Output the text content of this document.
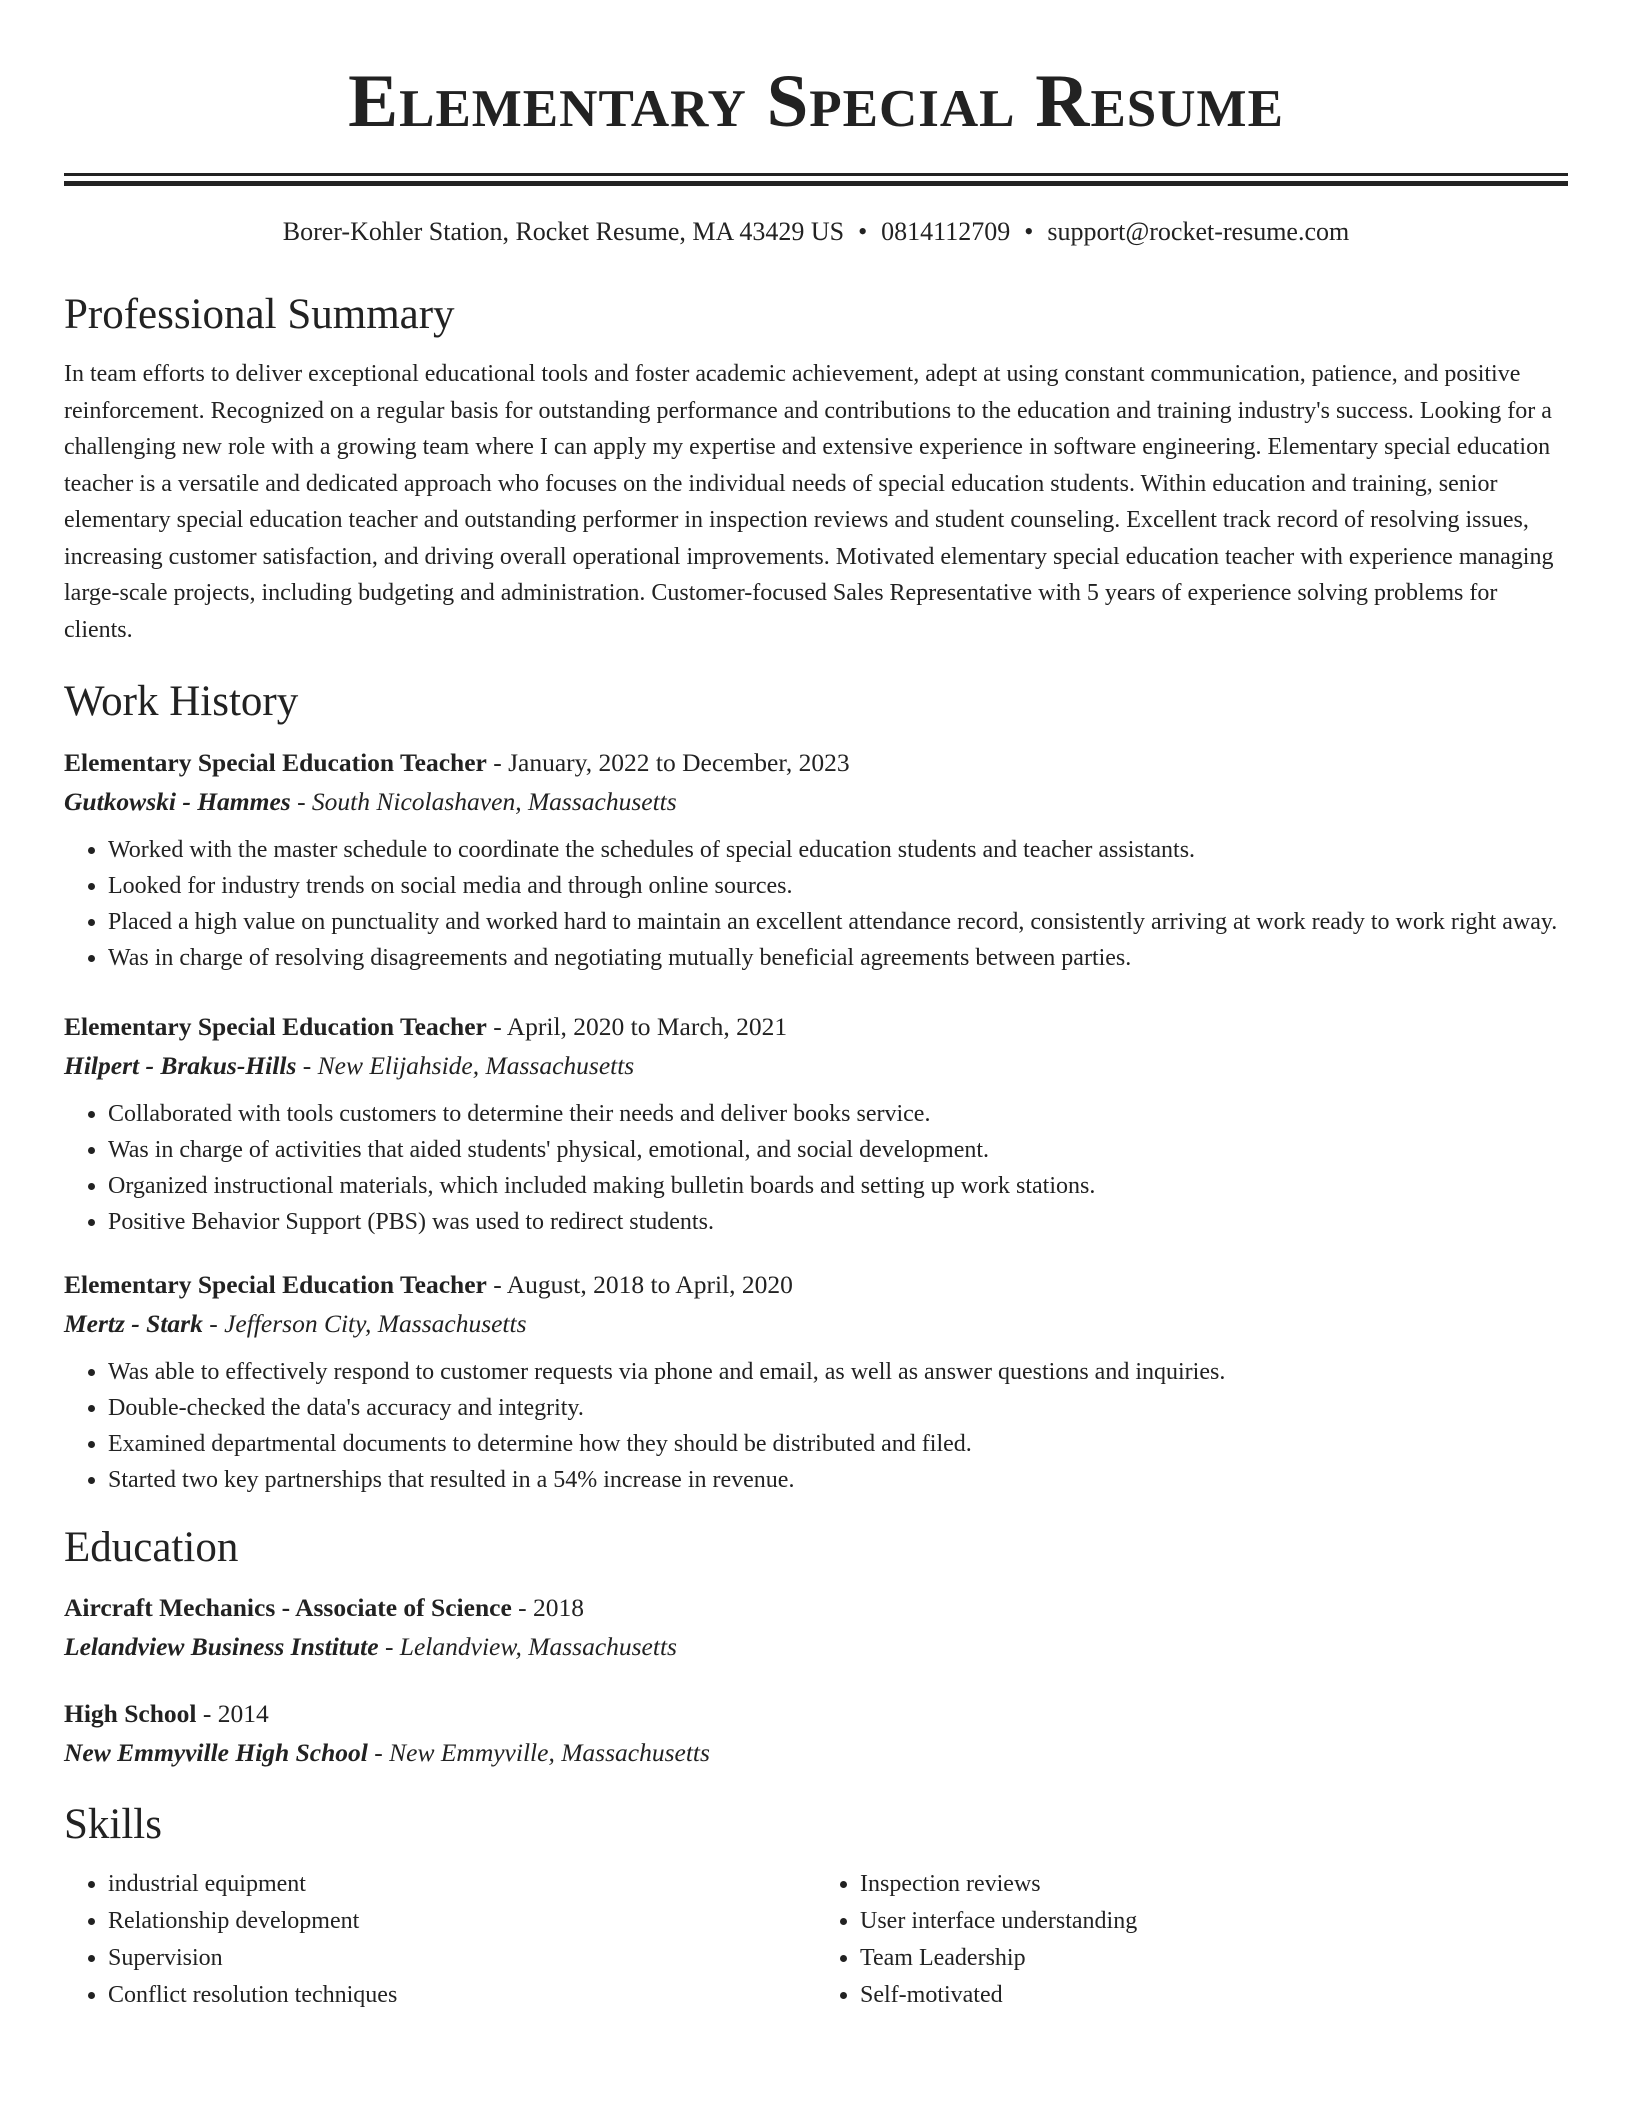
Elementary Special Resume
Borer-Kohler Station, Rocket Resume, MA 43429 US • 0814112709 • support@rocket-resume.com
Professional Summary

In team efforts to deliver exceptional educational tools and foster academic achievement, adept at using constant communication, patience, and positive reinforcement. Recognized on a regular basis for outstanding performance and contributions to the education and training industry's success. Looking for a challenging new role with a growing team where I can apply my expertise and extensive experience in software engineering. Elementary special education teacher is a versatile and dedicated approach who focuses on the individual needs of special education students. Within education and training, senior elementary special education teacher and outstanding performer in inspection reviews and student counseling. Excellent track record of resolving issues, increasing customer satisfaction, and driving overall operational improvements. Motivated elementary special education teacher with experience managing large-scale projects, including budgeting and administration. Customer-focused Sales Representative with 5 years of experience solving problems for clients.

Work History
Elementary Special Education Teacher - January, 2022 to December, 2023
Gutkowski - Hammes - South Nicolashaven, Massachusetts
• Worked with the master schedule to coordinate the schedules of special education students and teacher assistants.
• Looked for industry trends on social media and through online sources.
• Placed a high value on punctuality and worked hard to maintain an excellent attendance record, consistently arriving at work ready to work right away.
• Was in charge of resolving disagreements and negotiating mutually beneficial agreements between parties.
Elementary Special Education Teacher - April, 2020 to March, 2021
Hilpert - Brakus-Hills - New Elijahside, Massachusetts
• Collaborated with tools customers to determine their needs and deliver books service.
• Was in charge of activities that aided students' physical, emotional, and social development.
• Organized instructional materials, which included making bulletin boards and setting up work stations.
• Positive Behavior Support (PBS) was used to redirect students.
Elementary Special Education Teacher - August, 2018 to April, 2020
Mertz - Stark - Jefferson City, Massachusetts
• Was able to effectively respond to customer requests via phone and email, as well as answer questions and inquiries.
• Double-checked the data's accuracy and integrity.
• Examined departmental documents to determine how they should be distributed and filed.
• Started two key partnerships that resulted in a 54% increase in revenue.
Education
Aircraft Mechanics - Associate of Science - 2018
Lelandview Business Institute - Lelandview, Massachusetts
High School - 2014
New Emmyville High School - New Emmyville, Massachusetts
Skills
• industrial equipment
• Relationship development
• Supervision
• Conflict resolution techniques
• Inspection reviews
• User interface understanding
• Team Leadership
• Self-motivated
